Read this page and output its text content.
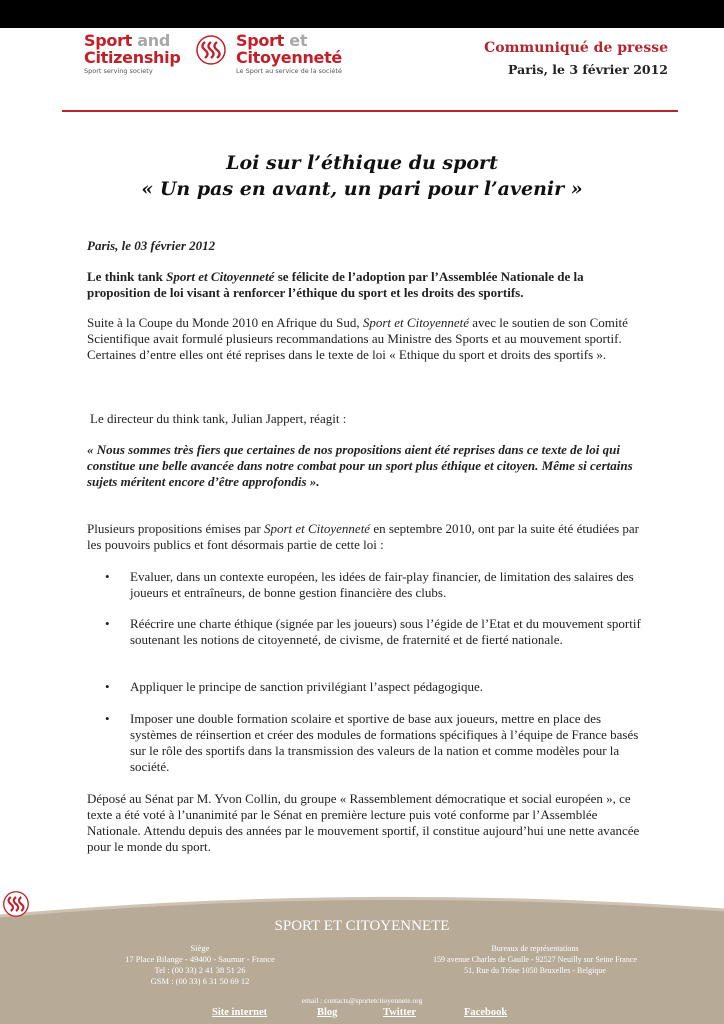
Sport and
Citizenship
Sport serving society
Sport et
Citoyenneté
Le Sport au service de la société
Communiqué de presse
Paris, le 3 février 2012
Loi sur l’éthique du sport
« Un pas en avant, un pari pour l’avenir »
Paris, le 03 février 2012
Le think tank Sport et Citoyenneté se félicite de l’adoption par l’Assemblée Nationale de la proposition de loi visant à renforcer l’éthique du sport et les droits des sportifs.
Suite à la Coupe du Monde 2010 en Afrique du Sud, Sport et Citoyenneté avec le soutien de son Comité Scientifique avait formulé plusieurs recommandations au Ministre des Sports et au mouvement sportif. Certaines d’entre elles ont été reprises dans le texte de loi « Ethique du sport et droits des sportifs ».
Le directeur du think tank, Julian Jappert, réagit :
« Nous sommes très fiers que certaines de nos propositions aient été reprises dans ce texte de loi qui constitue une belle avancée dans notre combat pour un sport plus éthique et citoyen. Même si certains sujets méritent encore d’être approfondis ».
Plusieurs propositions émises par Sport et Citoyenneté en septembre 2010, ont par la suite été étudiées par les pouvoirs publics et font désormais partie de cette loi :
• Evaluer, dans un contexte européen, les idées de fair-play financier, de limitation des salaires des joueurs et entraîneurs, de bonne gestion financière des clubs.
• Réécrire une charte éthique (signée par les joueurs) sous l’égide de l’Etat et du mouvement sportif soutenant les notions de citoyenneté, de civisme, de fraternité et de fierté nationale.
• Appliquer le principe de sanction privilégiant l’aspect pédagogique.
• Imposer une double formation scolaire et sportive de base aux joueurs, mettre en place des systèmes de réinsertion et créer des modules de formations spécifiques à l’équipe de France basés sur le rôle des sportifs dans la transmission des valeurs de la nation et comme modèles pour la société.
Déposé au Sénat par M. Yvon Collin, du groupe « Rassemblement démocratique et social européen », ce texte a été voté à l’unanimité par le Sénat en première lecture puis voté conforme par l’Assemblée Nationale. Attendu depuis des années par le mouvement sportif, il constitue aujourd’hui une nette avancée pour le monde du sport.
SPORT ET CITOYENNETE
Siège
17 Place Bilange - 49400 - Saumur - France
Tel : (00 33) 2 41 38 51 26
GSM : (00 33) 6 31 50 69 12
Bureaux de représentations
159 avenue Charles de Gaulle - 92527 Neuilly sur Seine France
51, Rue du Trône 1050 Bruxelles - Belgique
email : contacts@sportetcitoyennete.org
Site internet	Blog	Twitter	Facebook
